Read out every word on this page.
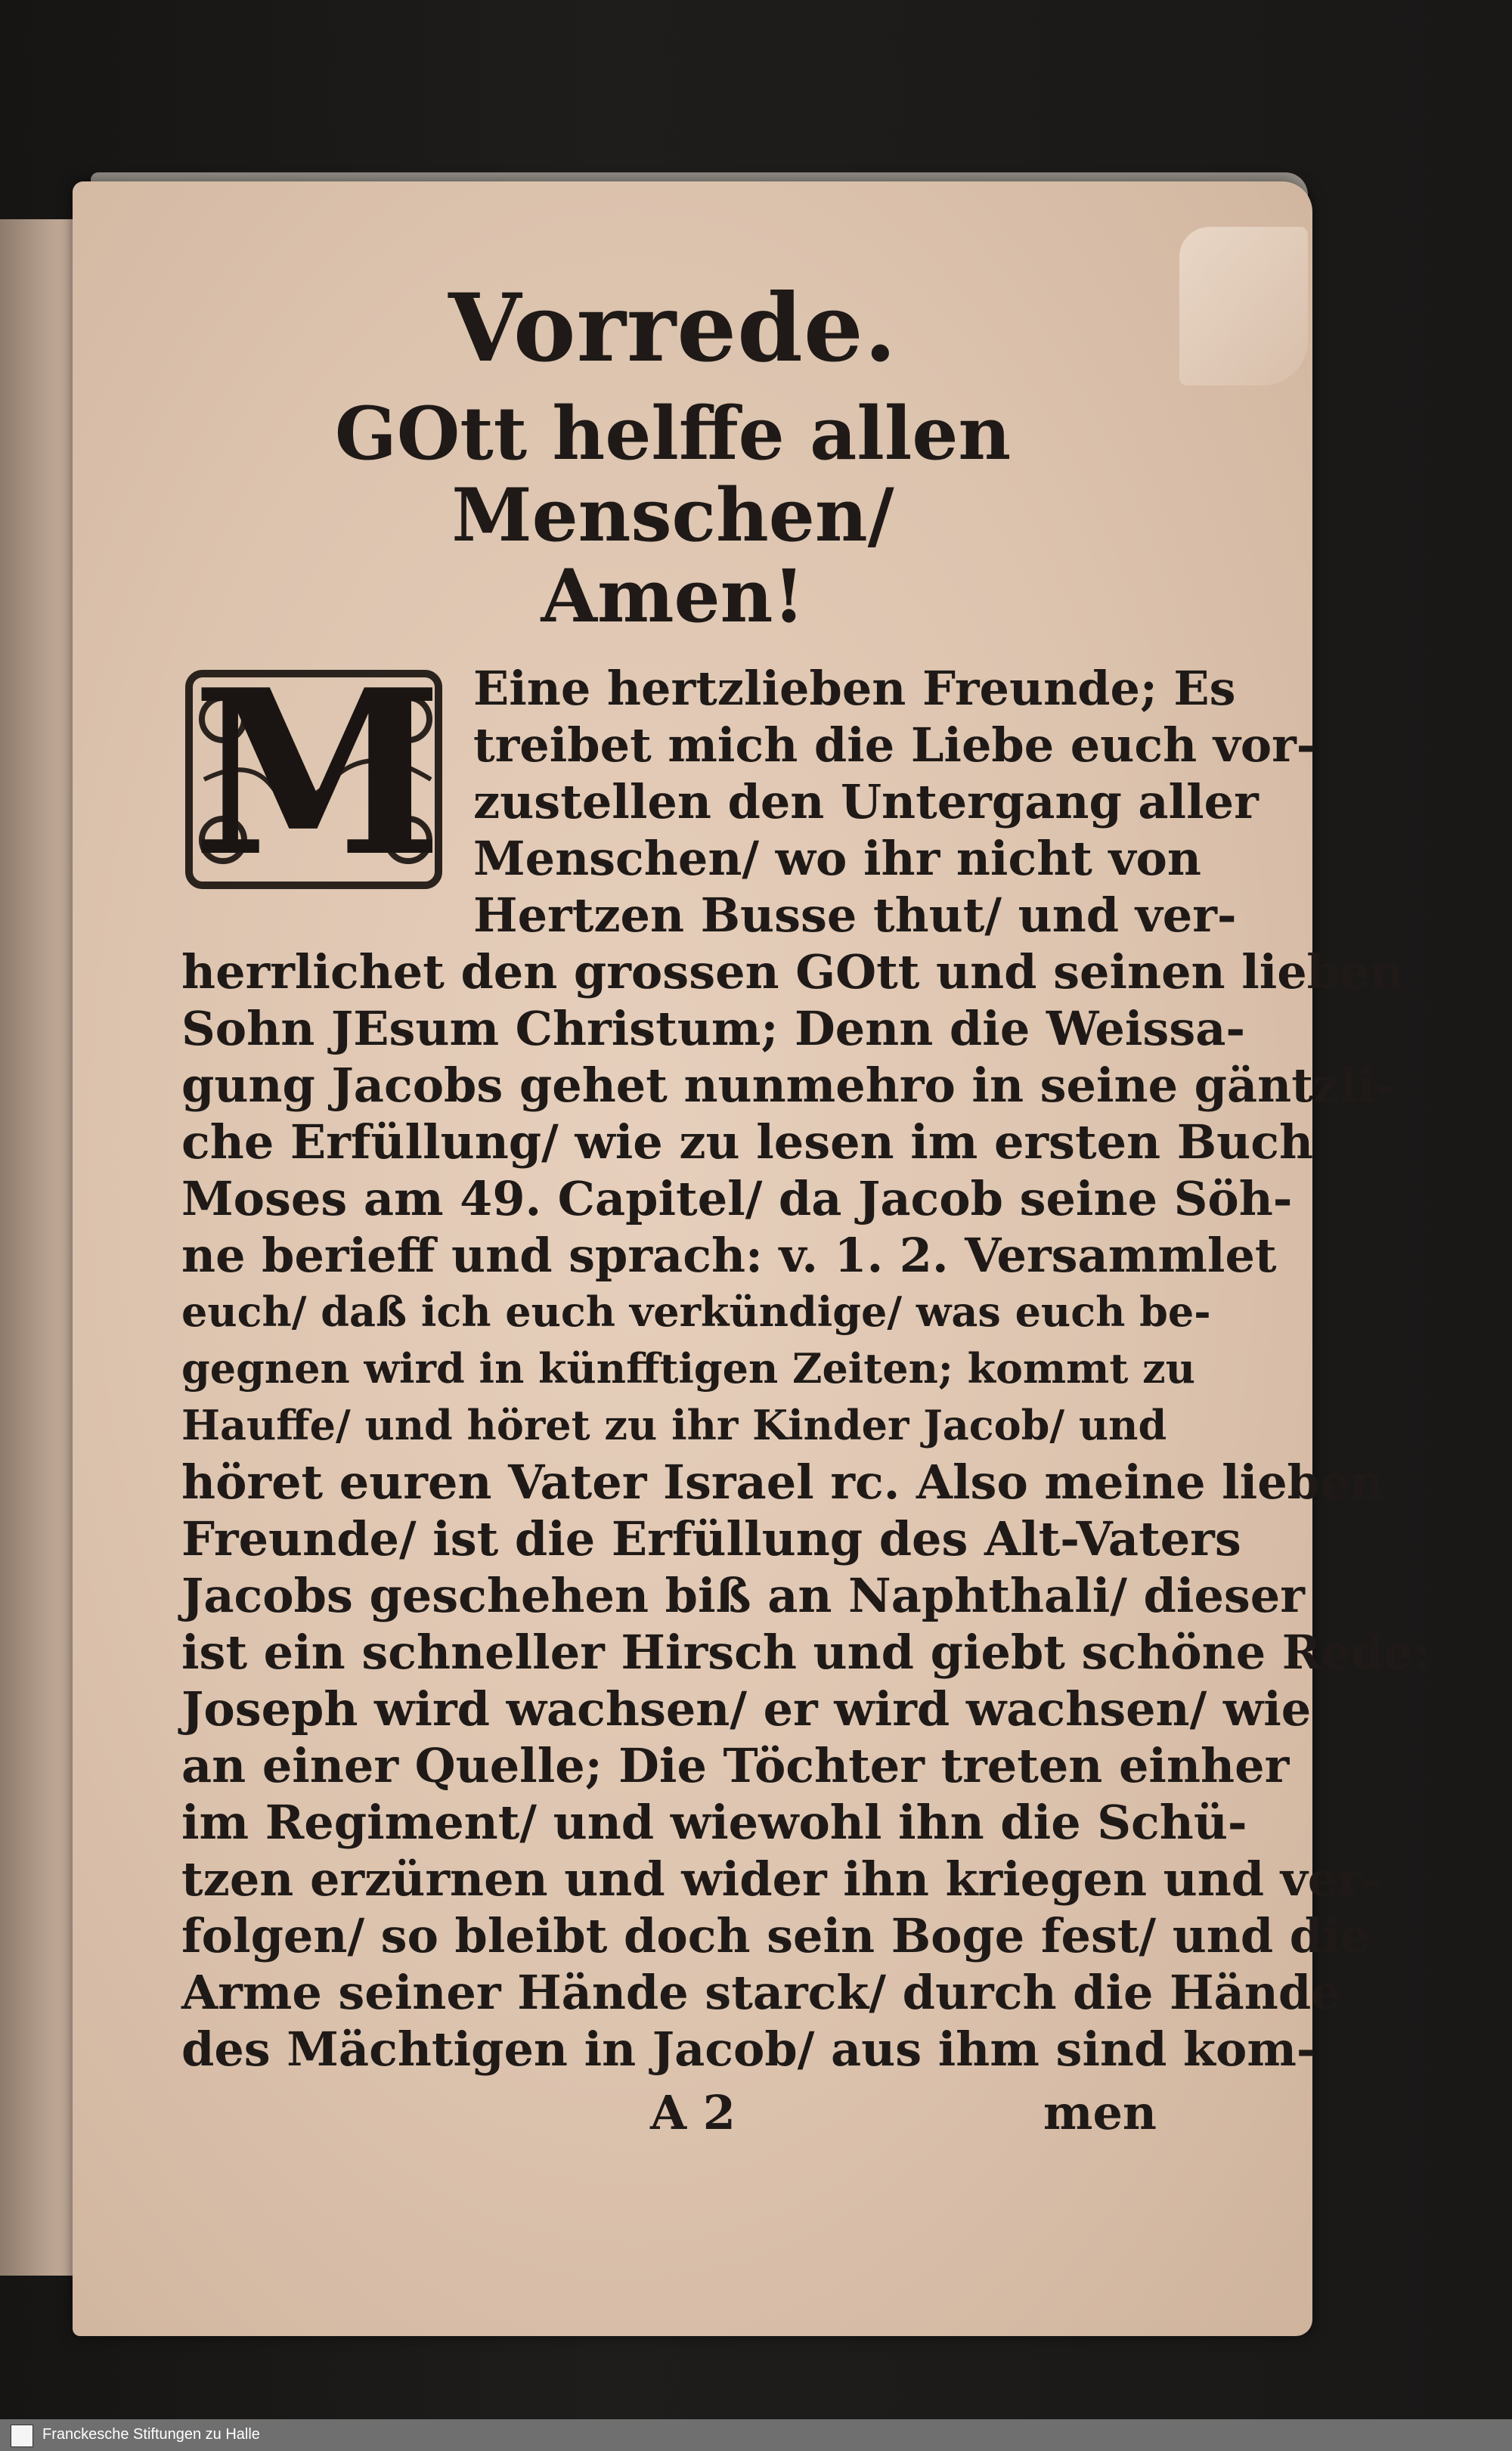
Vorrede.
GOtt helffe allen Menschen/
Amen!
M Eine hertzlieben Freunde; Es
treibet mich die Liebe euch vor-
zustellen den Untergang aller
Menschen/ wo ihr nicht von
Hertzen Busse thut/ und ver-
herrlichet den grossen GOtt und seinen lieben
Sohn JEsum Christum; Denn die Weissa-
gung Jacobs gehet nunmehro in seine gäntzli-
che Erfüllung/ wie zu lesen im ersten Buch
Moses am 49. Capitel/ da Jacob seine Söh-
ne berieff und sprach: v. 1. 2. Versammlet
euch/ daß ich euch verkündige/ was euch be-
gegnen wird in künfftigen Zeiten; kommt zu
Hauffe/ und höret zu ihr Kinder Jacob/ und
höret euren Vater Israel rc. Also meine lieben
Freunde/ ist die Erfüllung des Alt-Vaters
Jacobs geschehen biß an Naphthali/ dieser
ist ein schneller Hirsch und giebt schöne Rede:
Joseph wird wachsen/ er wird wachsen/ wie
an einer Quelle; Die Töchter treten einher
im Regiment/ und wiewohl ihn die Schü-
tzen erzürnen und wider ihn kriegen und ver-
folgen/ so bleibt doch sein Boge fest/ und die
Arme seiner Hände starck/ durch die Hände
des Mächtigen in Jacob/ aus ihm sind kom-
A 2	men
Franckesche Stiftungen zu Halle
